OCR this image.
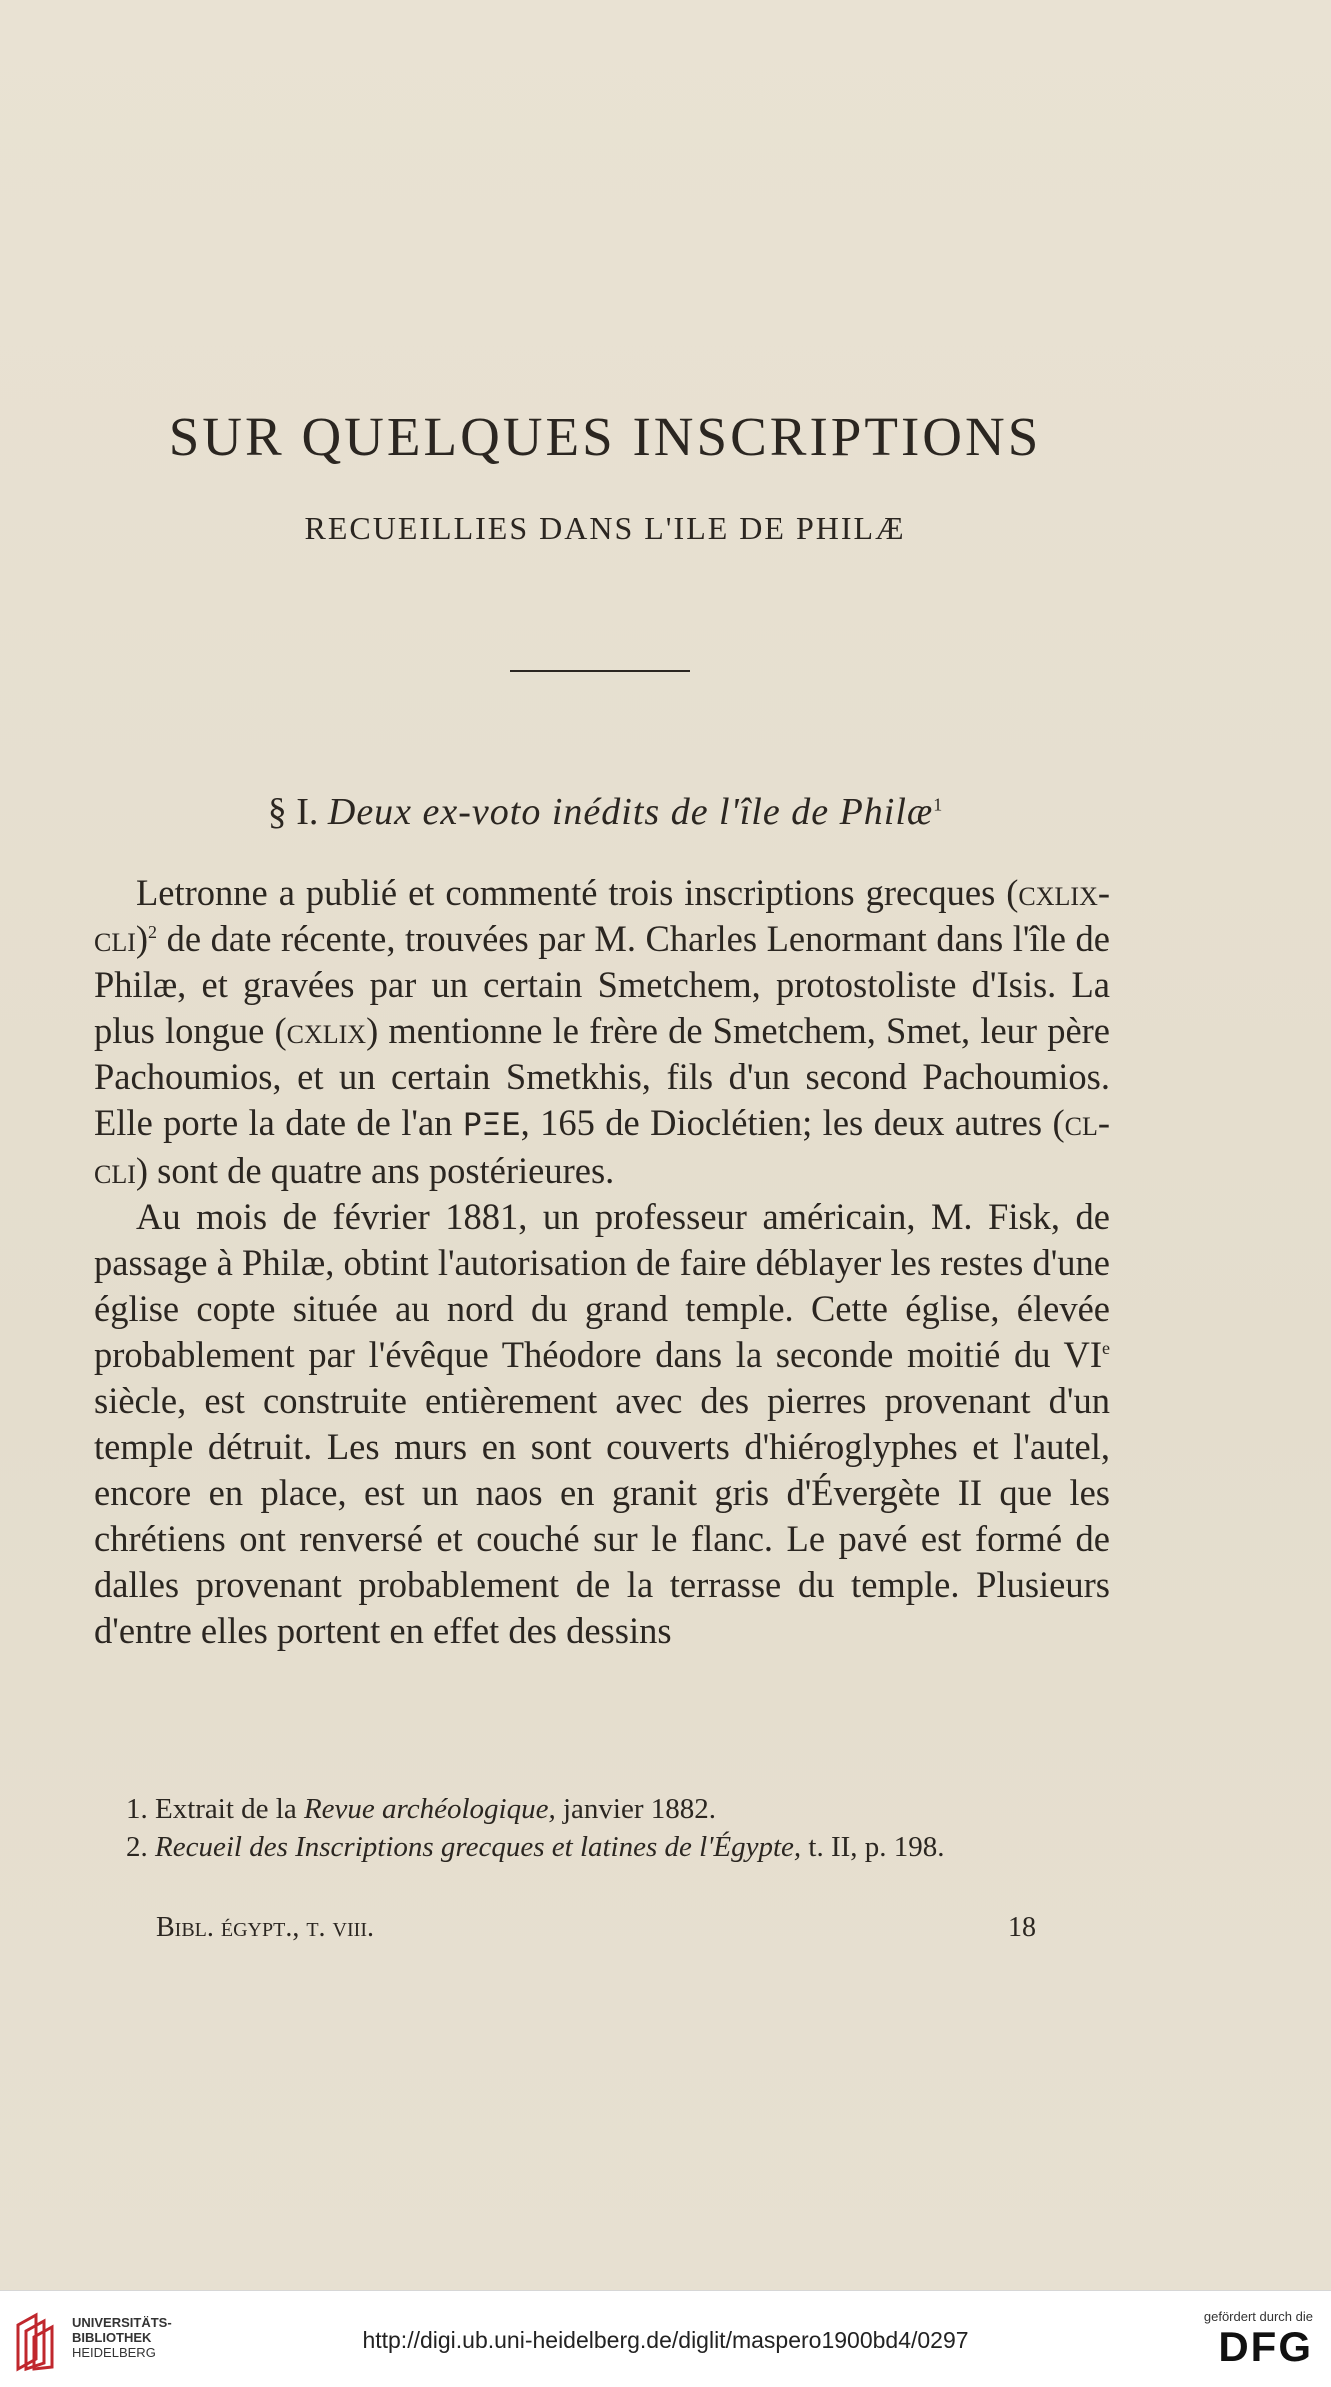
SUR QUELQUES INSCRIPTIONS
RECUEILLIES DANS L'ILE DE PHILÆ
§ I. Deux ex-voto inédits de l'île de Philæ$^1$

Letronne a publié et commenté trois inscriptions grecques (cxlix-cli)$^2$ de date récente, trouvées par M. Charles Lenormant dans l'île de Philæ, et gravées par un certain Smetchem, protostoliste d'Isis. La plus longue (cxlix) mentionne le frère de Smetchem, Smet, leur père Pachoumios, et un certain Smetkhis, fils d'un second Pachoumios. Elle porte la date de l'an PΞE, 165 de Dioclétien; les deux autres (cl-cli) sont de quatre ans postérieures.

Au mois de février 1881, un professeur américain, M. Fisk, de passage à Philæ, obtint l'autorisation de faire déblayer les restes d'une église copte située au nord du grand temple. Cette église, élevée probablement par l'évêque Théodore dans la seconde moitié du VIe siècle, est construite entièrement avec des pierres provenant d'un temple détruit. Les murs en sont couverts d'hiéroglyphes et l'autel, encore en place, est un naos en granit gris d'Évergète II que les chrétiens ont renversé et couché sur le flanc. Le pavé est formé de dalles provenant probablement de la terrasse du temple. Plusieurs d'entre elles portent en effet des dessins

1. Extrait de la Revue archéologique, janvier 1882.

2. Recueil des Inscriptions grecques et latines de l'Égypte, t. II, p. 198.

Bibl. égypt., t. viii.	18
UNIVERSITÄTS-
BIBLIOTHEK
HEIDELBERG	http://digi.ub.uni-heidelberg.de/diglit/maspero1900bd4/0297
gefördert durch die
DFG
